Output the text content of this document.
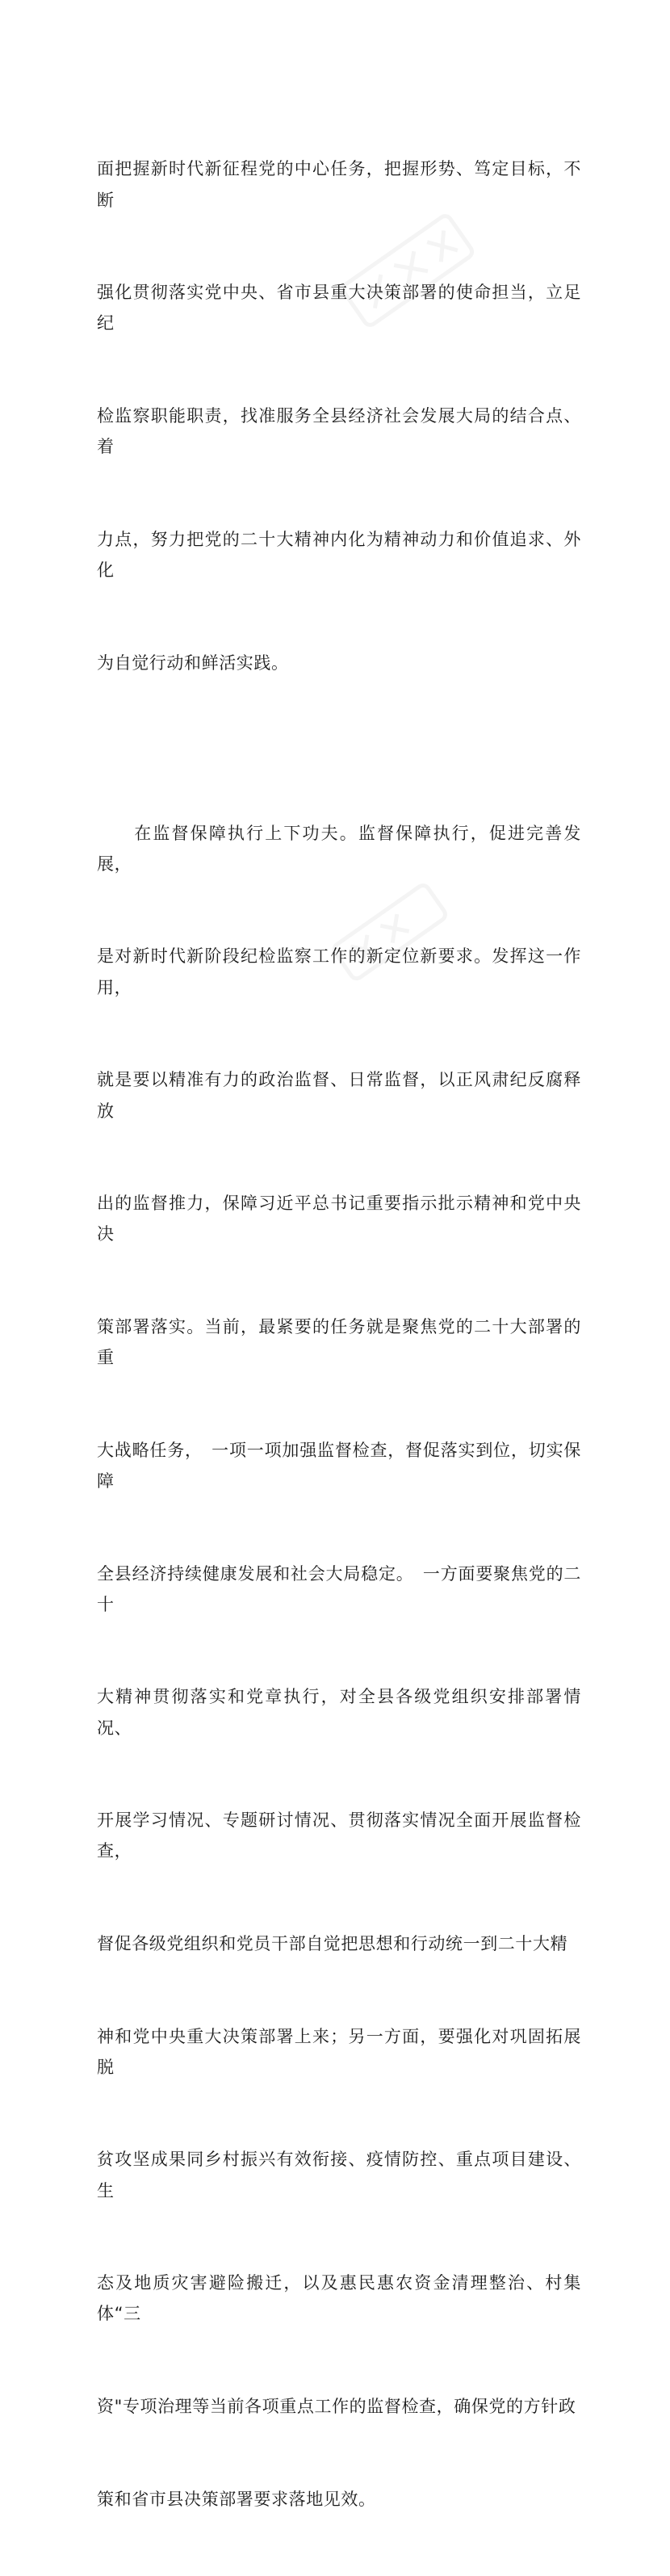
面把握新时代新征程党的中心任务，把握形势、笃定目标，不断

强化贯彻落实党中央、省市县重大决策部署的使命担当，立足纪

检监察职能职责，找准服务全县经济社会发展大局的结合点、着

力点，努力把党的二十大精神内化为精神动力和价值追求、外化

为自觉行动和鲜活实践。

　　在监督保障执行上下功夫。监督保障执行，促进完善发展，

是对新时代新阶段纪检监察工作的新定位新要求。发挥这一作用，

就是要以精准有力的政治监督、日常监督，以正风肃纪反腐释放

出的监督推力，保障习近平总书记重要指示批示精神和党中央决

策部署落实。当前，最紧要的任务就是聚焦党的二十大部署的重

大战略任务，　一项一项加强监督检查，督促落实到位，切实保障

全县经济持续健康发展和社会大局稳定。　一方面要聚焦党的二十

大精神贯彻落实和党章执行，对全县各级党组织安排部署情况、

开展学习情况、专题研讨情况、贯彻落实情况全面开展监督检查，

督促各级党组织和党员干部自觉把思想和行动统一到二十大精

神和党中央重大决策部署上来；另一方面，要强化对巩固拓展脱

贫攻坚成果同乡村振兴有效衔接、疫情防控、重点项目建设、生

态及地质灾害避险搬迁，以及惠民惠农资金清理整治、村集体“三

资"专项治理等当前各项重点工作的监督检查，确保党的方针政

策和省市县决策部署要求落地见效。
